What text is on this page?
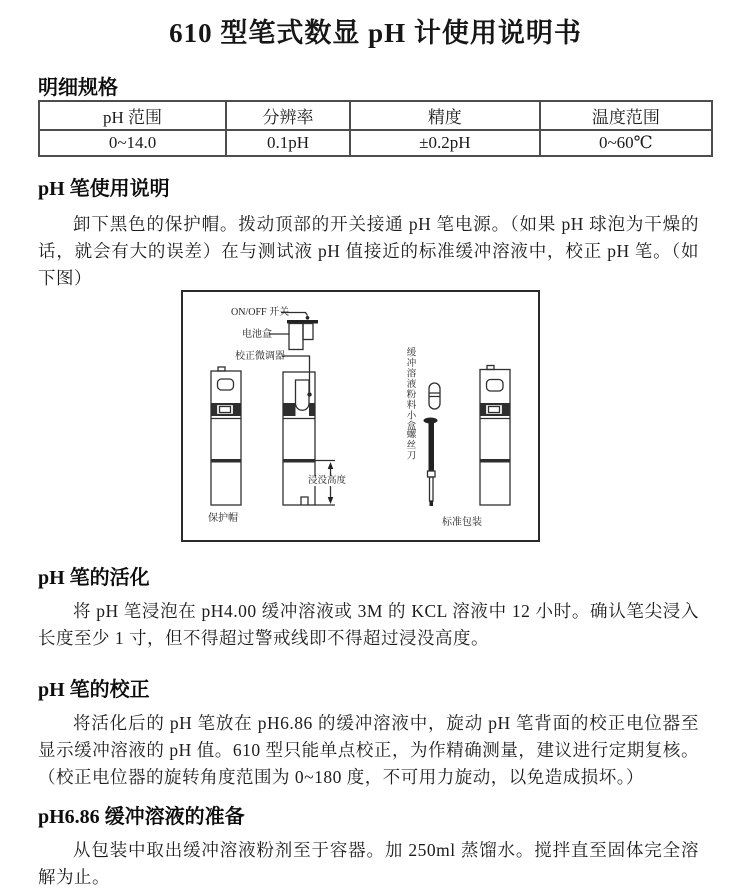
610 型笔式数显 pH 计使用说明书
明细规格
pH 范围	分辨率	精度	温度范围
0~14.0	0.1pH	±0.2pH	0~60℃
pH 笔使用说明

卸下黑色的保护帽。拨动顶部的开关接通 pH 笔电源。（如果 pH 球泡为干燥的话，就会有大的误差）在与测试液 pH 值接近的标准缓冲溶液中，校正 pH 笔。（如下图）

ON/OFF 开关
电池盒
校正微调器	缓冲溶液粉料小盒
螺丝刀
浸没高度
保护帽	标准包装
pH 笔的活化

将 pH 笔浸泡在 pH4.00 缓冲溶液或 3M 的 KCL 溶液中 12 小时。确认笔尖浸入长度至少 1 寸，但不得超过警戒线即不得超过浸没高度。

pH 笔的校正

将活化后的 pH 笔放在 pH6.86 的缓冲溶液中，旋动 pH 笔背面的校正电位器至显示缓冲溶液的 pH 值。610 型只能单点校正，为作精确测量，建议进行定期复核。（校正电位器的旋转角度范围为 0~180 度，不可用力旋动，以免造成损坏。）

pH6.86 缓冲溶液的准备

从包装中取出缓冲溶液粉剂至于容器。加 250ml 蒸馏水。搅拌直至固体完全溶解为止。
